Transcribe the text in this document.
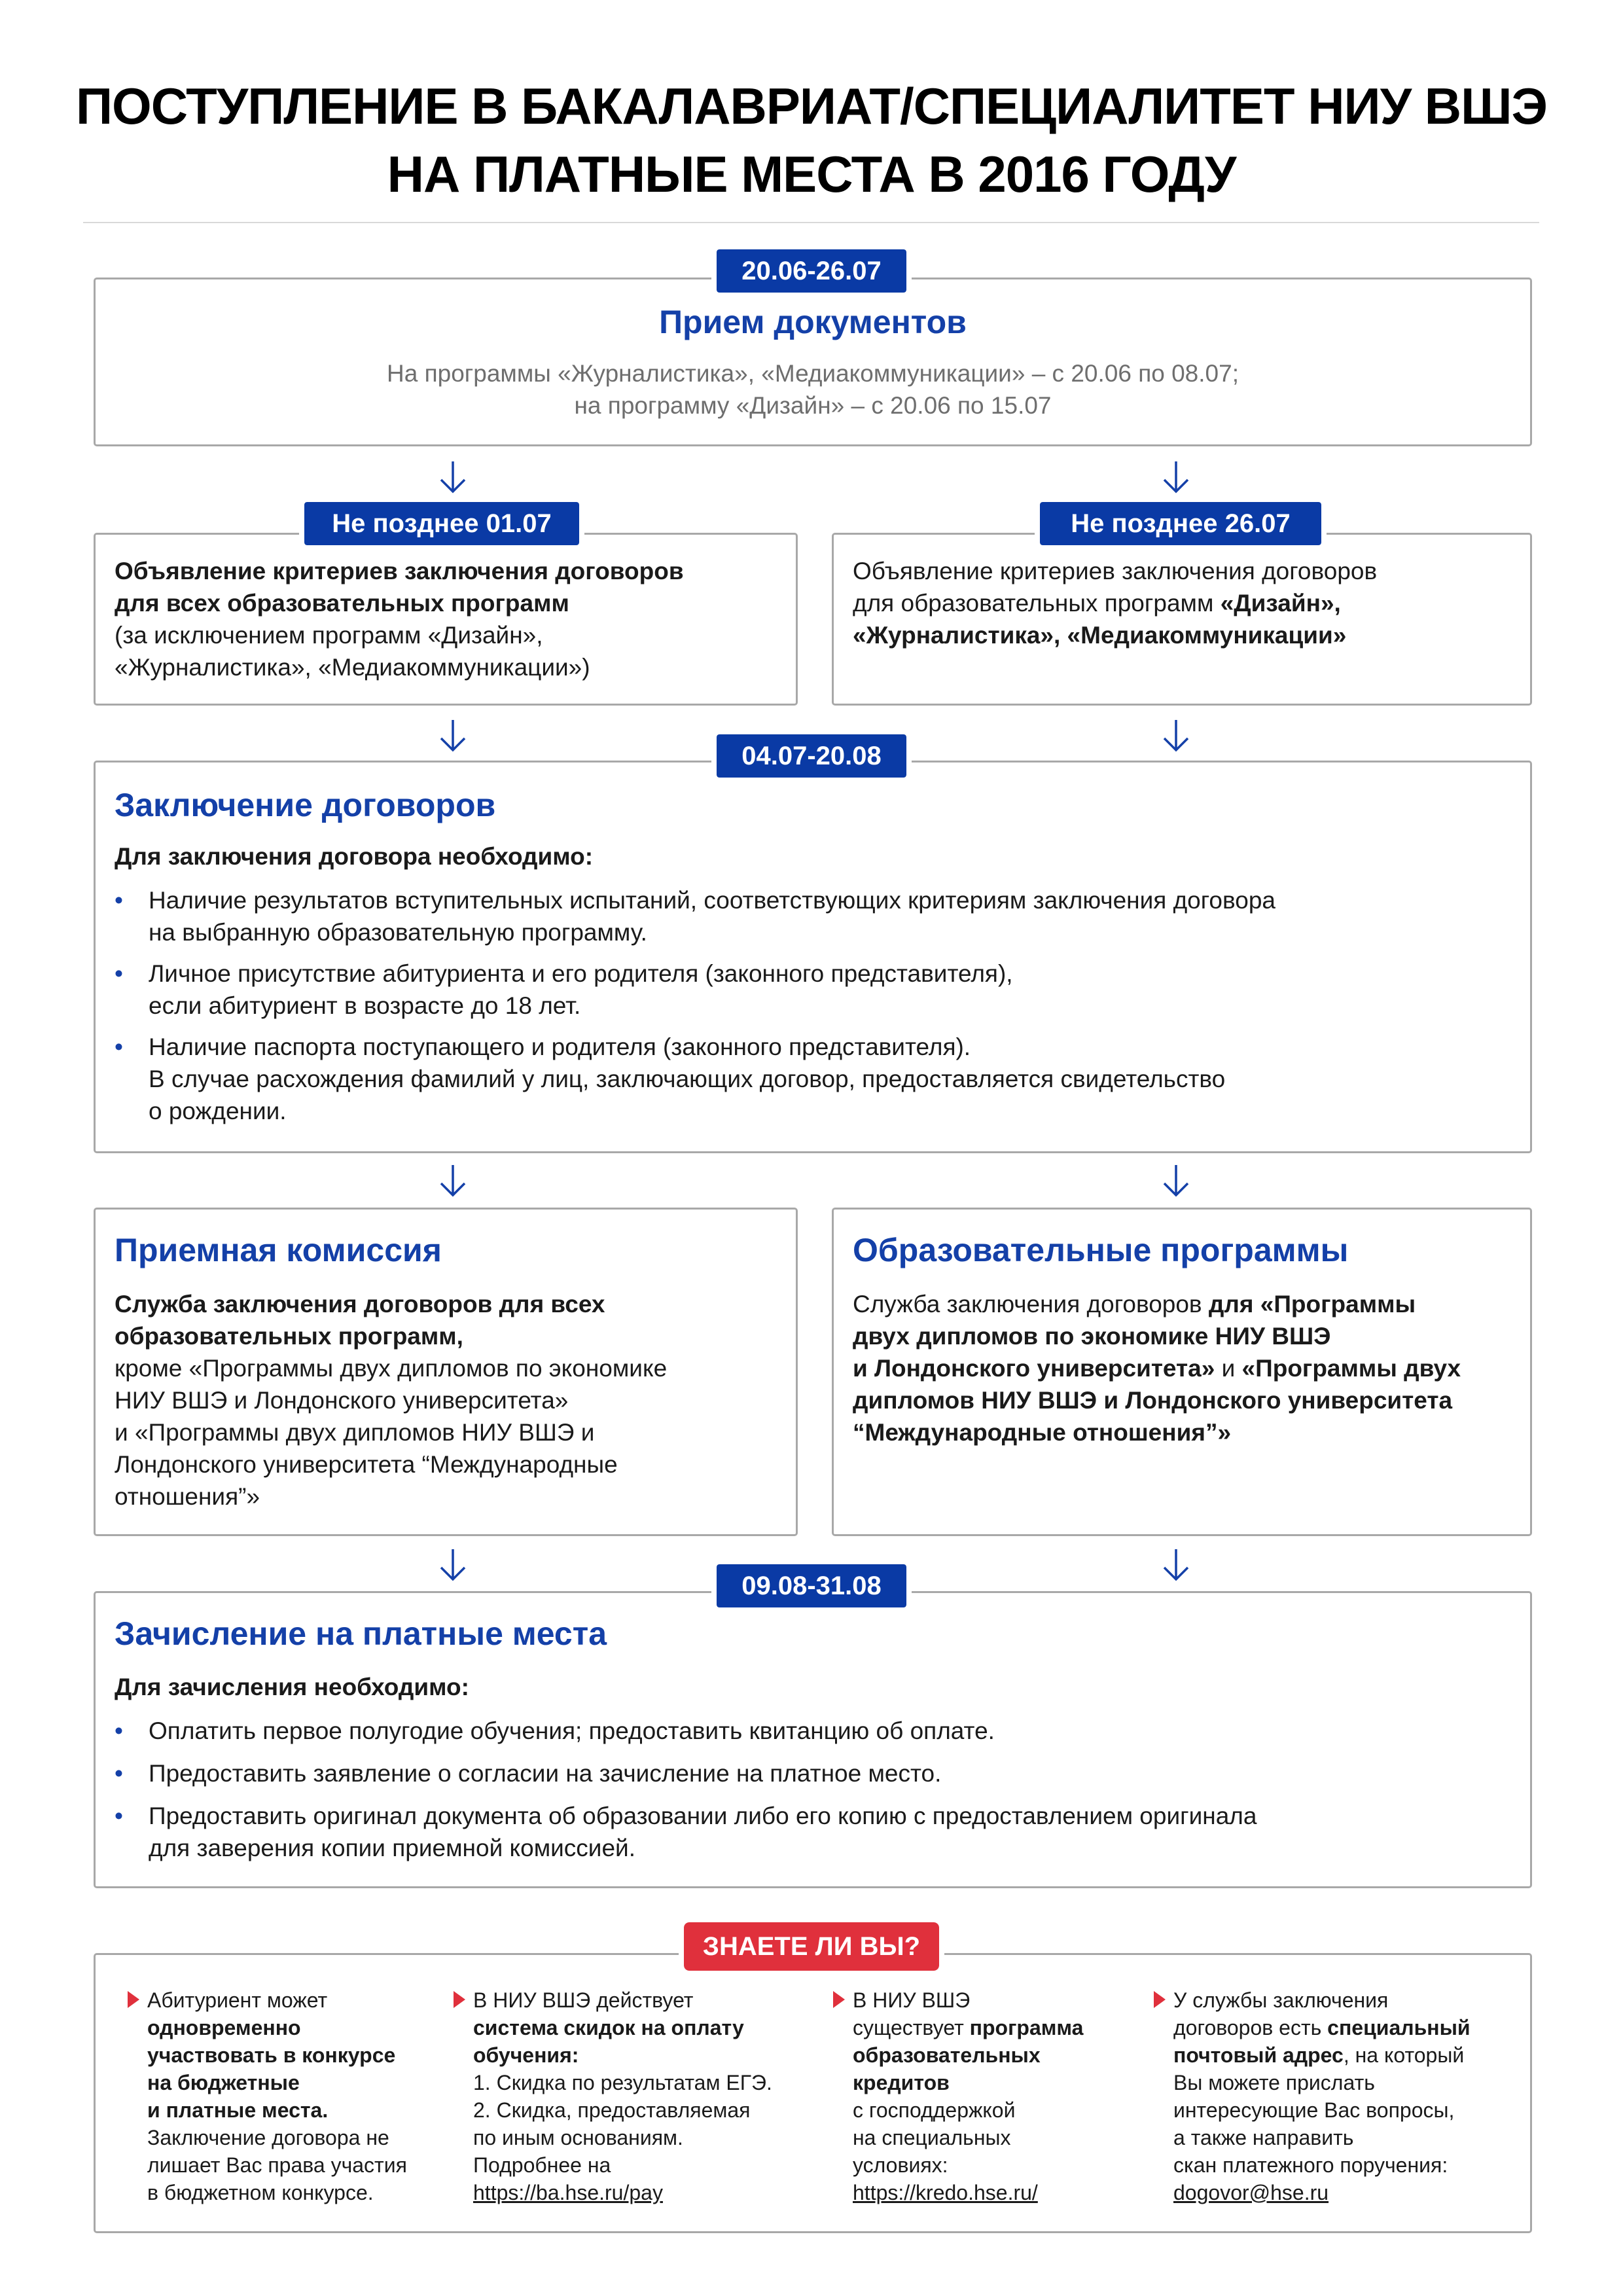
ПОСТУПЛЕНИЕ В БАКАЛАВРИАТ/СПЕЦИАЛИТЕТ НИУ ВШЭ
НА ПЛАТНЫЕ МЕСТА В 2016 ГОДУ
20.06-26.07
Прием документов
На программы «Журналистика», «Медиакоммуникации» – с 20.06 по 08.07;
на программу «Дизайн» – с 20.06 по 15.07
Не позднее 01.07
Объявление критериев заключения договоров
для всех образовательных программ
(за исключением программ «Дизайн»,
«Журналистика», «Медиакоммуникации»)
Не позднее 26.07
Объявление критериев заключения договоров
для образовательных программ «Дизайн»,
«Журналистика», «Медиакоммуникации»
04.07-20.08
Заключение договоров
Для заключения договора необходимо:
• Наличие результатов вступительных испытаний, соответствующих критериям заключения договора
на выбранную образовательную программу.
• Личное присутствие абитуриента и его родителя (законного представителя),
если абитуриент в возрасте до 18 лет.
• Наличие паспорта поступающего и родителя (законного представителя).
В случае расхождения фамилий у лиц, заключающих договор, предоставляется свидетельство
о рождении.
Приемная комиссия
Служба заключения договоров для всех
образовательных программ,
кроме «Программы двух дипломов по экономике
НИУ ВШЭ и Лондонского университета»
и «Программы двух дипломов НИУ ВШЭ и
Лондонского университета “Международные
отношения”»
Образовательные программы
Служба заключения договоров для «Программы
двух дипломов по экономике НИУ ВШЭ
и Лондонского университета» и «Программы двух
дипломов НИУ ВШЭ и Лондонского университета
“Международные отношения”»
09.08-31.08
Зачисление на платные места
Для зачисления необходимо:
• Оплатить первое полугодие обучения; предоставить квитанцию об оплате.
• Предоставить заявление о согласии на зачисление на платное место.
• Предоставить оригинал документа об образовании либо его копию с предоставлением оригинала
для заверения копии приемной комиссией.
ЗНАЕТЕ ЛИ ВЫ?
Абитуриент может
одновременно
участвовать в конкурсе
на бюджетные
и платные места.
Заключение договора не
лишает Вас права участия
в бюджетном конкурсе.
В НИУ ВШЭ действует
система скидок на оплату
обучения:
1. Скидка по результатам ЕГЭ.
2. Скидка, предоставляемая
по иным основаниям.
Подробнее на
https://ba.hse.ru/pay
В НИУ ВШЭ
существует программа
образовательных
кредитов
с господдержкой
на специальных
условиях:
https://kredo.hse.ru/
У службы заключения
договоров есть специальный
почтовый адрес, на который
Вы можете прислать
интересующие Вас вопросы,
а также направить
скан платежного поручения:
dogovor@hse.ru
